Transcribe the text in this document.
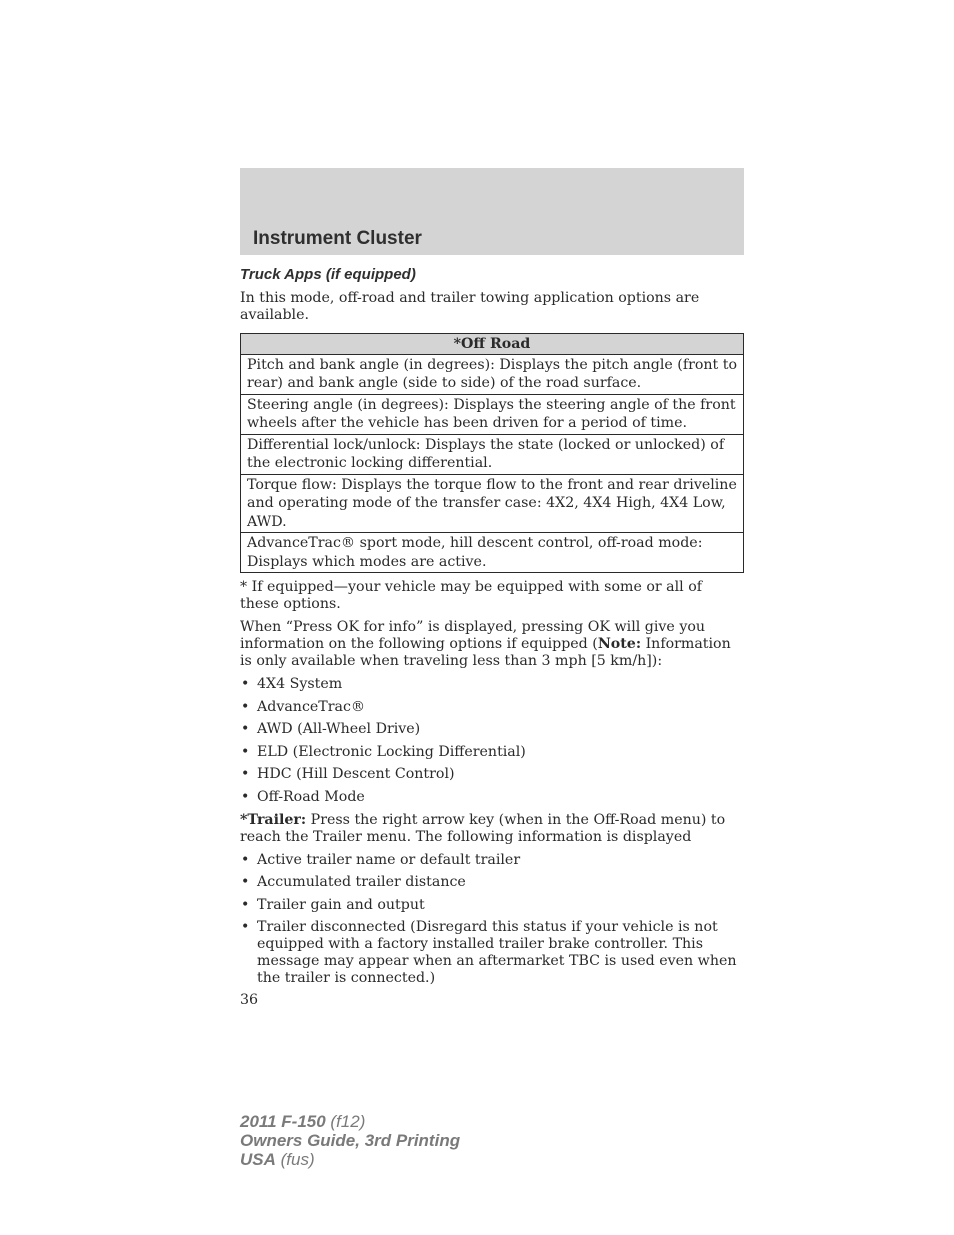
Instrument Cluster
Truck Apps (if equipped)

In this mode, off-road and trailer towing application options are available.

*Off Road
Pitch and bank angle (in degrees): Displays the pitch angle (front to rear) and bank angle (side to side) of the road surface.
Steering angle (in degrees): Displays the steering angle of the front wheels after the vehicle has been driven for a period of time.
Differential lock/unlock: Displays the state (locked or unlocked) of the electronic locking differential.
Torque flow: Displays the torque flow to the front and rear driveline and operating mode of the transfer case: 4X2, 4X4 High, 4X4 Low, AWD.
AdvanceTrac® sport mode, hill descent control, off-road mode: Displays which modes are active.

* If equipped—your vehicle may be equipped with some or all of these options.

When “Press OK for info” is displayed, pressing OK will give you information on the following options if equipped (Note: Information is only available when traveling less than 3 mph [5 km/h]):

• 4X4 System
• AdvanceTrac®
• AWD (All-Wheel Drive)
• ELD (Electronic Locking Differential)
• HDC (Hill Descent Control)
• Off-Road Mode

*Trailer: Press the right arrow key (when in the Off-Road menu) to reach the Trailer menu. The following information is displayed

• Active trailer name or default trailer
• Accumulated trailer distance
• Trailer gain and output
• Trailer disconnected (Disregard this status if your vehicle is not equipped with a factory installed trailer brake controller. This message may appear when an aftermarket TBC is used even when the trailer is connected.)
36
2011 F-150 (f12)
Owners Guide, 3rd Printing
USA (fus)
